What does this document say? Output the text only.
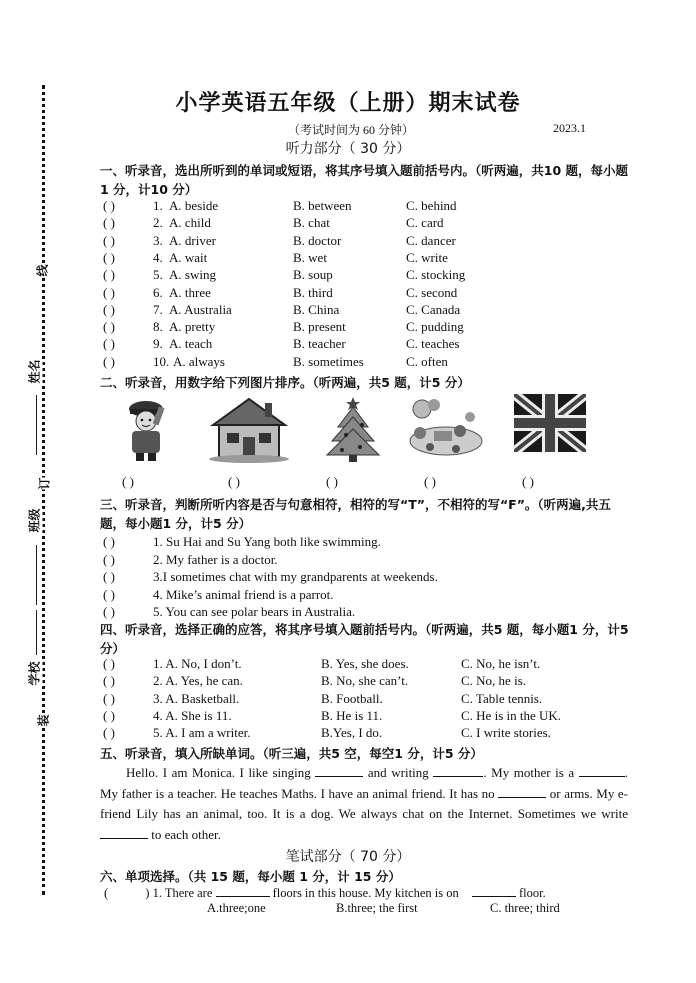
线
姓名
订
班级
学校
装
小学英语五年级（上册）期末试卷
（考试时间为 60 分钟）	2023.1
听力部分（ 30 分）
一、听录音，选出所听到的单词或短语，将其序号填入题前括号内。（听两遍，共10 题，每小题1 分，计10 分）
( )	1. A. beside	B. between	C. behind
( )	2. A. child	B. chat	C. card
( )	3. A. driver	B. doctor	C. dancer
( )	4. A. wait	B. wet	C. write
( )	5. A. swing	B. soup	C. stocking
( )	6. A. three	B. third	C. second
( )	7. A. Australia	B. China	C. Canada
( )	8. A. pretty	B. present	C. pudding
( )	9. A. teach	B. teacher	C. teaches
( )	10. A. always	B. sometimes	C. often
二、听录音，用数字给下列图片排序。（听两遍，共5 题，计5 分）
( )	( )	( )	( )	( )
三、听录音，判断所听内容是否与句意相符，相符的写“T”，不相符的写“F”。（听两遍,共五题，每小题1 分，计5 分）
( )	1. Su Hai and Su Yang both like swimming.
( )	2. My father is a doctor.
( )	3.I sometimes chat with my grandparents at weekends.
( )	4. Mike’s animal friend is a parrot.
( )	5. You can see polar bears in Australia.
四、听录音，选择正确的应答，将其序号填入题前括号内。（听两遍，共5 题，每小题1 分，计5 分）
( )	1. A. No, I don’t.	B. Yes, she does.	C. No, he isn’t.
( )	2. A. Yes, he can.	B. No, she can’t.	C. No, he is.
( )	3. A. Basketball.	B. Football.	C. Table tennis.
( )	4. A. She is 11.	B. He is 11.	C. He is in the UK.
( )	5. A. I am a writer.	B.Yes, I do.	C. I write stories.
五、听录音，填入所缺单词。（听三遍，共5 空，每空1 分，计5 分）
Hello. I am Monica. I like singing	and writing	. My mother is a	. My father is a teacher. He teaches Maths. I have an animal friend. It has no	or arms. My e-friend Lily has an animal, too. It is a dog. We always chat on the Internet. Sometimes we write  to each other.
笔试部分（ 70 分）
六、单项选择。（共 15 题，每小题 1 分，计 15 分）
(	) 1. There are	floors in this house. My kitchen is on	floor.
A.three;one	B.three; the first	C. three; third
